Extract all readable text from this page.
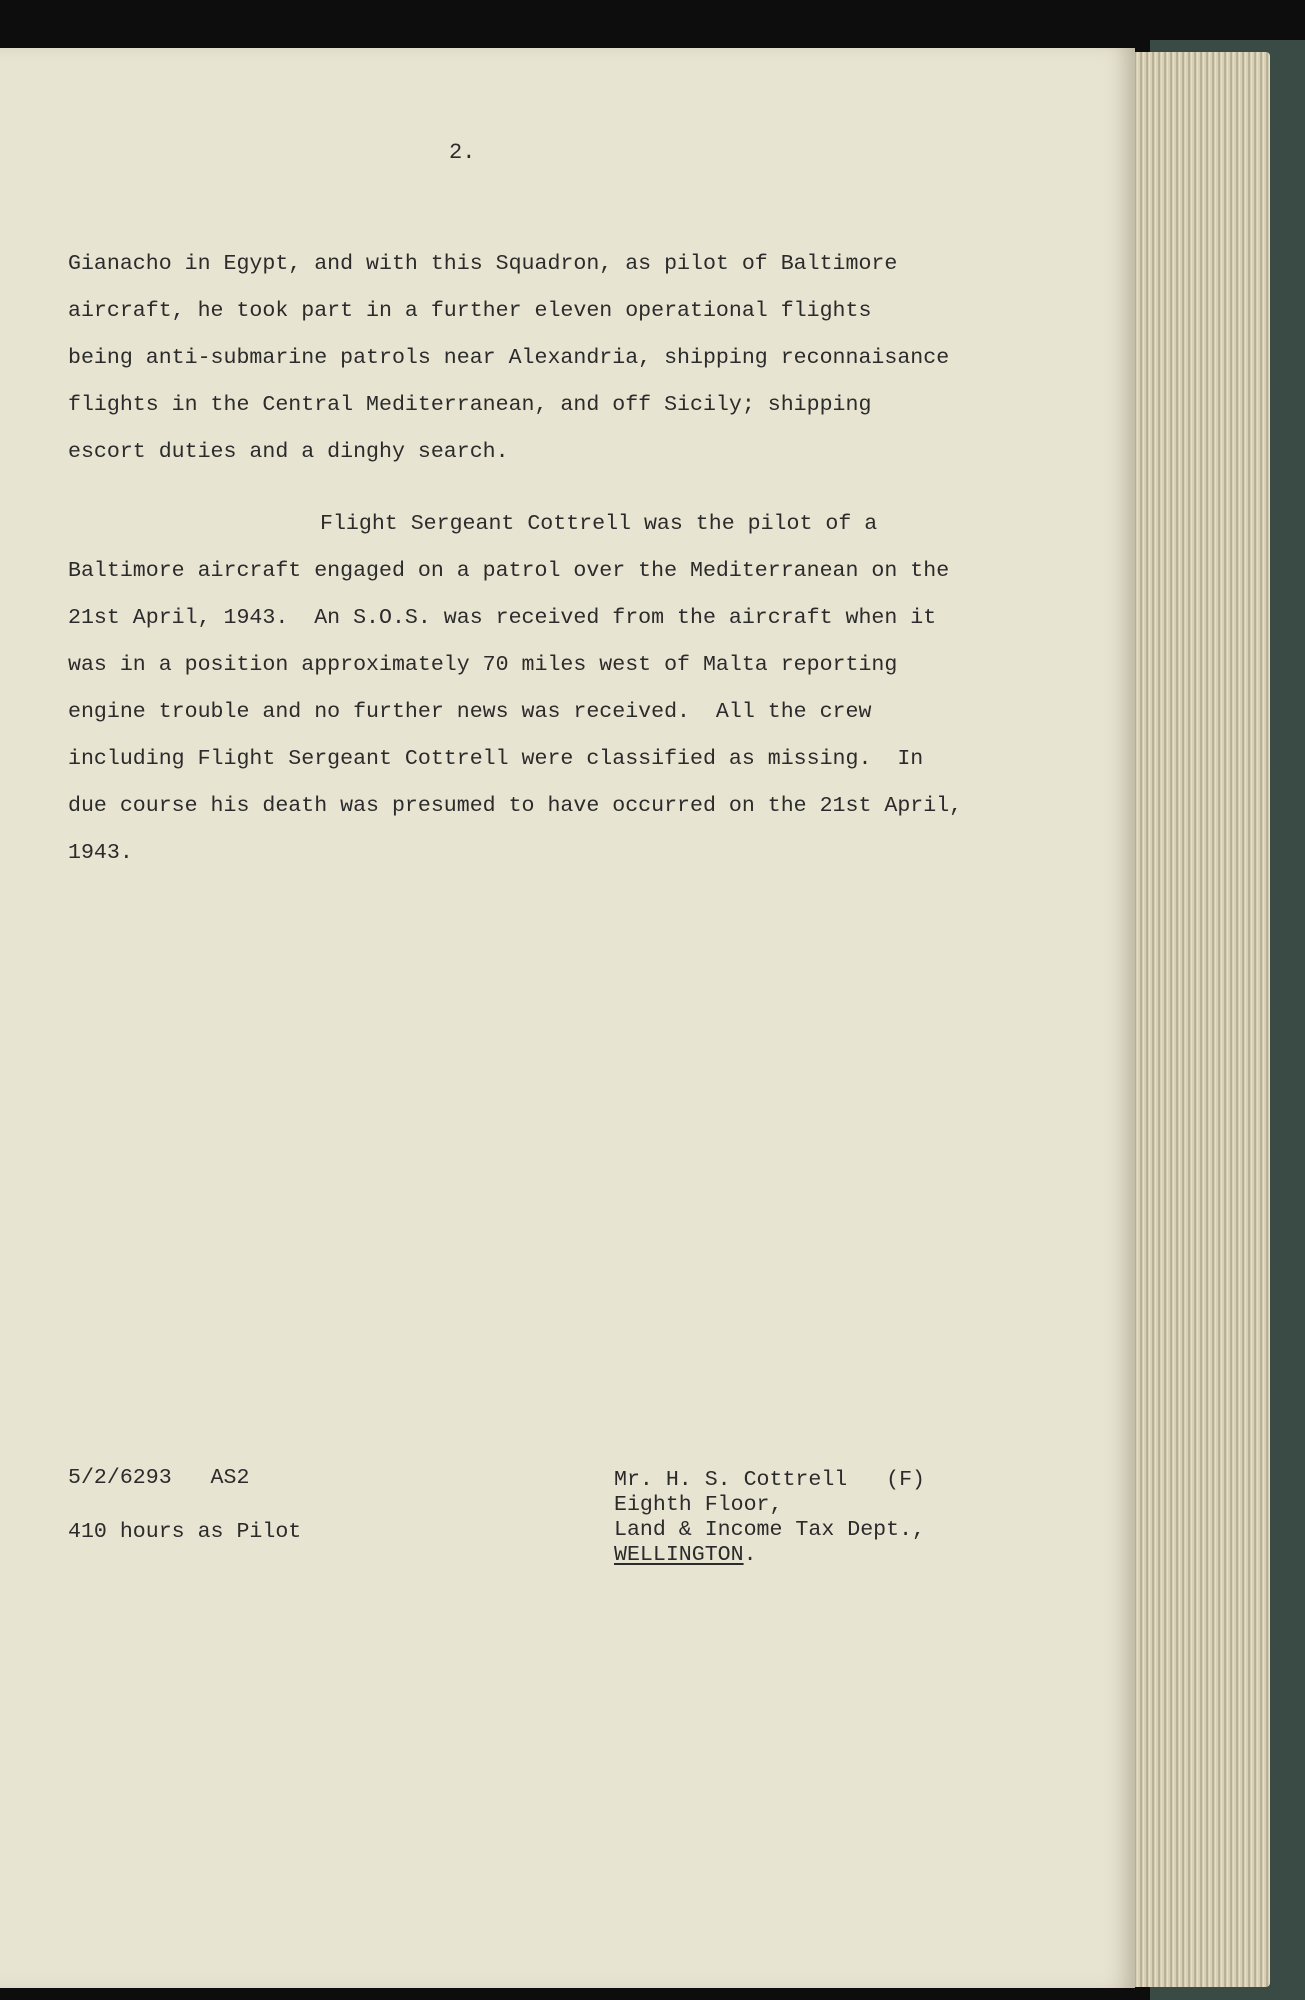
2.
Gianacho in Egypt, and with this Squadron, as pilot of Baltimore
aircraft, he took part in a further eleven operational flights
being anti-submarine patrols near Alexandria, shipping reconnaisance
flights in the Central Mediterranean, and off Sicily; shipping
escort duties and a dinghy search.
Flight Sergeant Cottrell was the pilot of a
Baltimore aircraft engaged on a patrol over the Mediterranean on the
21st April, 1943.  An S.O.S. was received from the aircraft when it
was in a position approximately 70 miles west of Malta reporting
engine trouble and no further news was received.  All the crew
including Flight Sergeant Cottrell were classified as missing.  In
due course his death was presumed to have occurred on the 21st April,
1943.
5/2/6293   AS2
410 hours as Pilot
Mr. H. S. Cottrell   (F)
Eighth Floor,
Land & Income Tax Dept.,
WELLINGTON.
